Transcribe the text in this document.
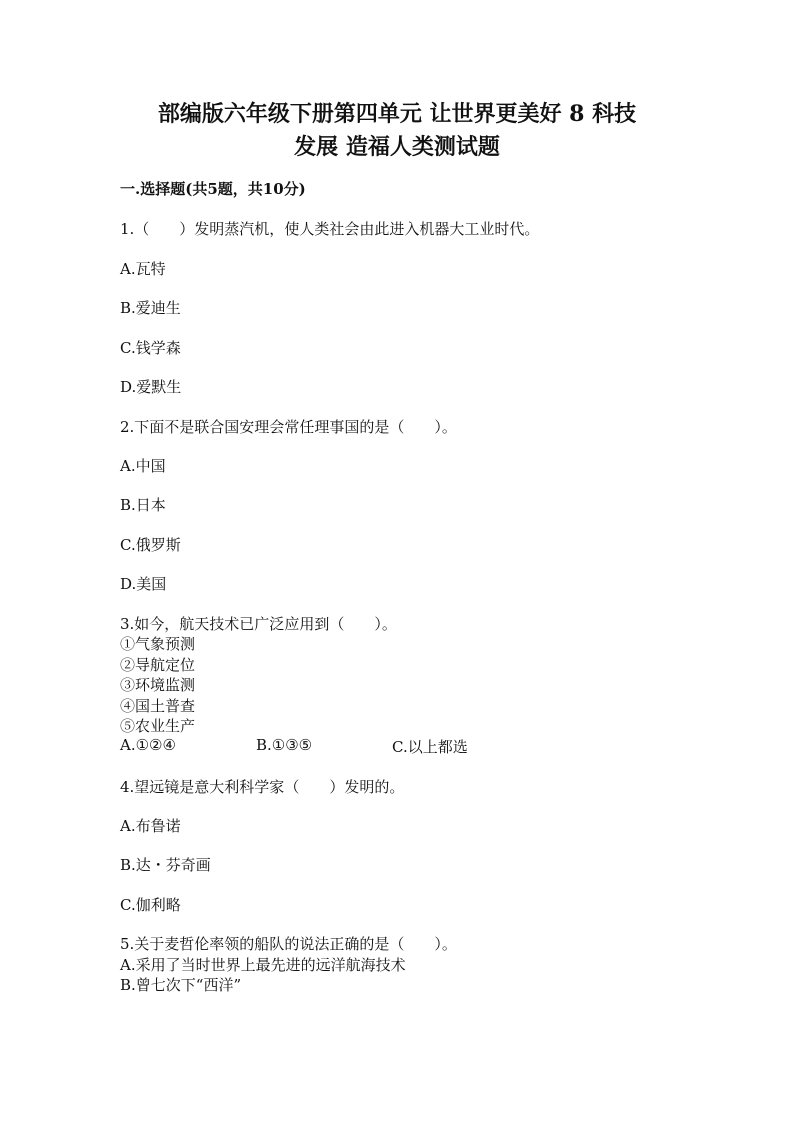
部编版六年级下册第四单元 让世界更美好 8 科技
发展 造福人类测试题
一.选择题(共5题，共10分)
1.（　　）发明蒸汽机，使人类社会由此进入机器大工业时代。
A.瓦特
B.爱迪生
C.钱学森
D.爱默生
2.下面不是联合国安理会常任理事国的是（　　）。
A.中国
B.日本
C.俄罗斯
D.美国
3.如今，航天技术已广泛应用到（　　）。
①气象预测
②导航定位
③环境监测
④国土普查
⑤农业生产
A.①②④	B.①③⑤	C.以上都选
4.望远镜是意大利科学家（　　）发明的。
A.布鲁诺
B.达・芬奇画
C.伽利略
5.关于麦哲伦率领的船队的说法正确的是（　　）。
A.采用了当时世界上最先进的远洋航海技术
B.曾七次下“西洋”
